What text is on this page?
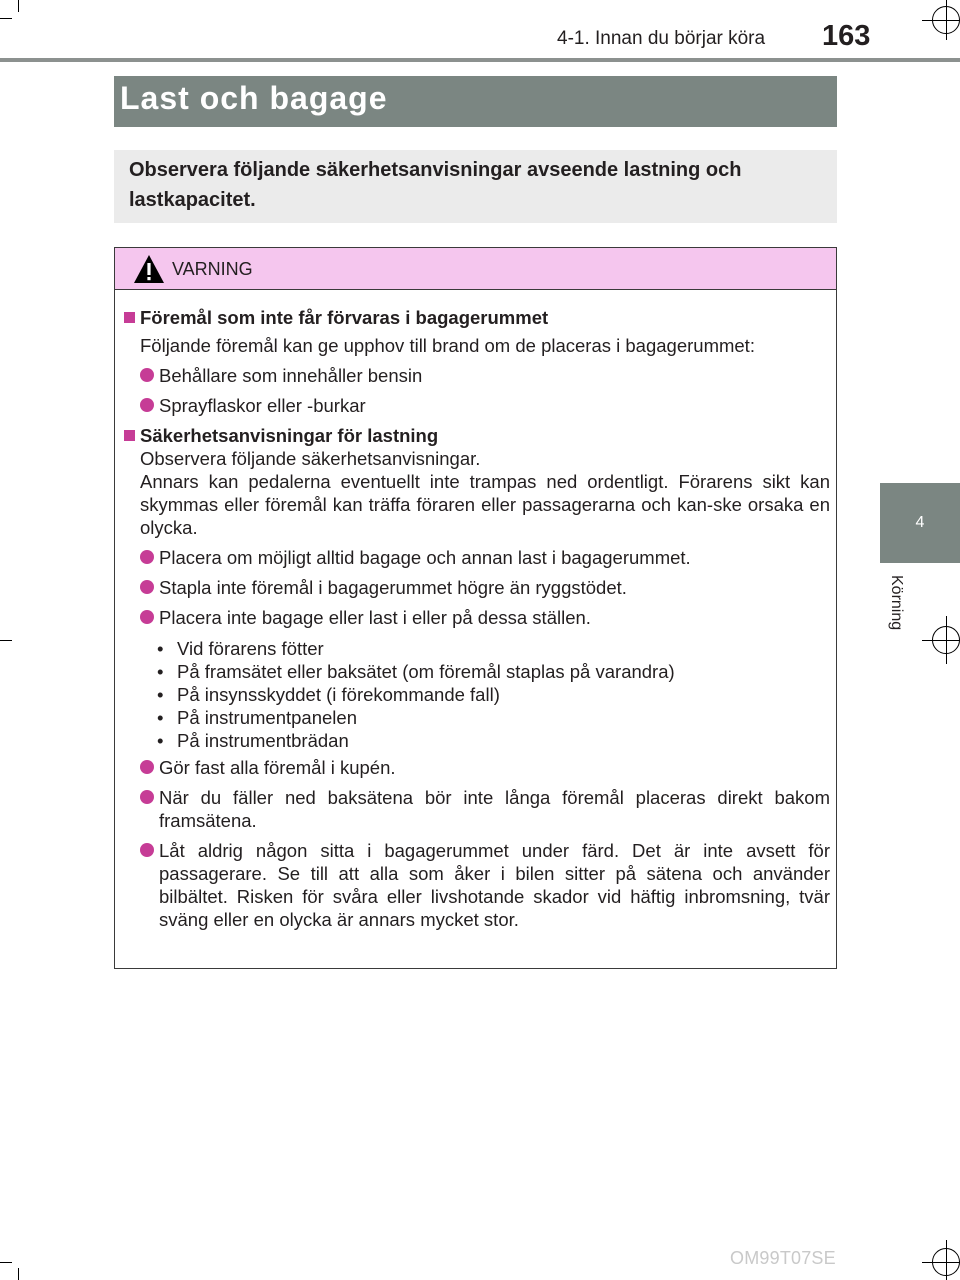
4-1. Innan du börjar köra 163
4
Körning
Last och bagage

Observera följande säkerhetsanvisningar avseende lastning och lastkapacitet.

VARNING
Föremål som inte får förvaras i bagagerummet
Följande föremål kan ge upphov till brand om de placeras i bagagerummet:
Behållare som innehåller bensin
Sprayflaskor eller -burkar
Säkerhetsanvisningar för lastning
Observera följande säkerhetsanvisningar.
Annars kan pedalerna eventuellt inte trampas ned ordentligt. Förarens sikt kan skymmas eller föremål kan träffa föraren eller passagerarna och kan-ske orsaka en olycka.
Placera om möjligt alltid bagage och annan last i bagagerummet.
Stapla inte föremål i bagagerummet högre än ryggstödet.
Placera inte bagage eller last i eller på dessa ställen.
• Vid förarens fötter
• På framsätet eller baksätet (om föremål staplas på varandra)
• På insynsskyddet (i förekommande fall)
• På instrumentpanelen
• På instrumentbrädan
Gör fast alla föremål i kupén.
När du fäller ned baksätena bör inte långa föremål placeras direkt bakom framsätena.
Låt aldrig någon sitta i bagagerummet under färd. Det är inte avsett för passagerare. Se till att alla som åker i bilen sitter på sätena och använder bilbältet. Risken för svåra eller livshotande skador vid häftig inbromsning, tvär sväng eller en olycka är annars mycket stor.
OM99T07SE
